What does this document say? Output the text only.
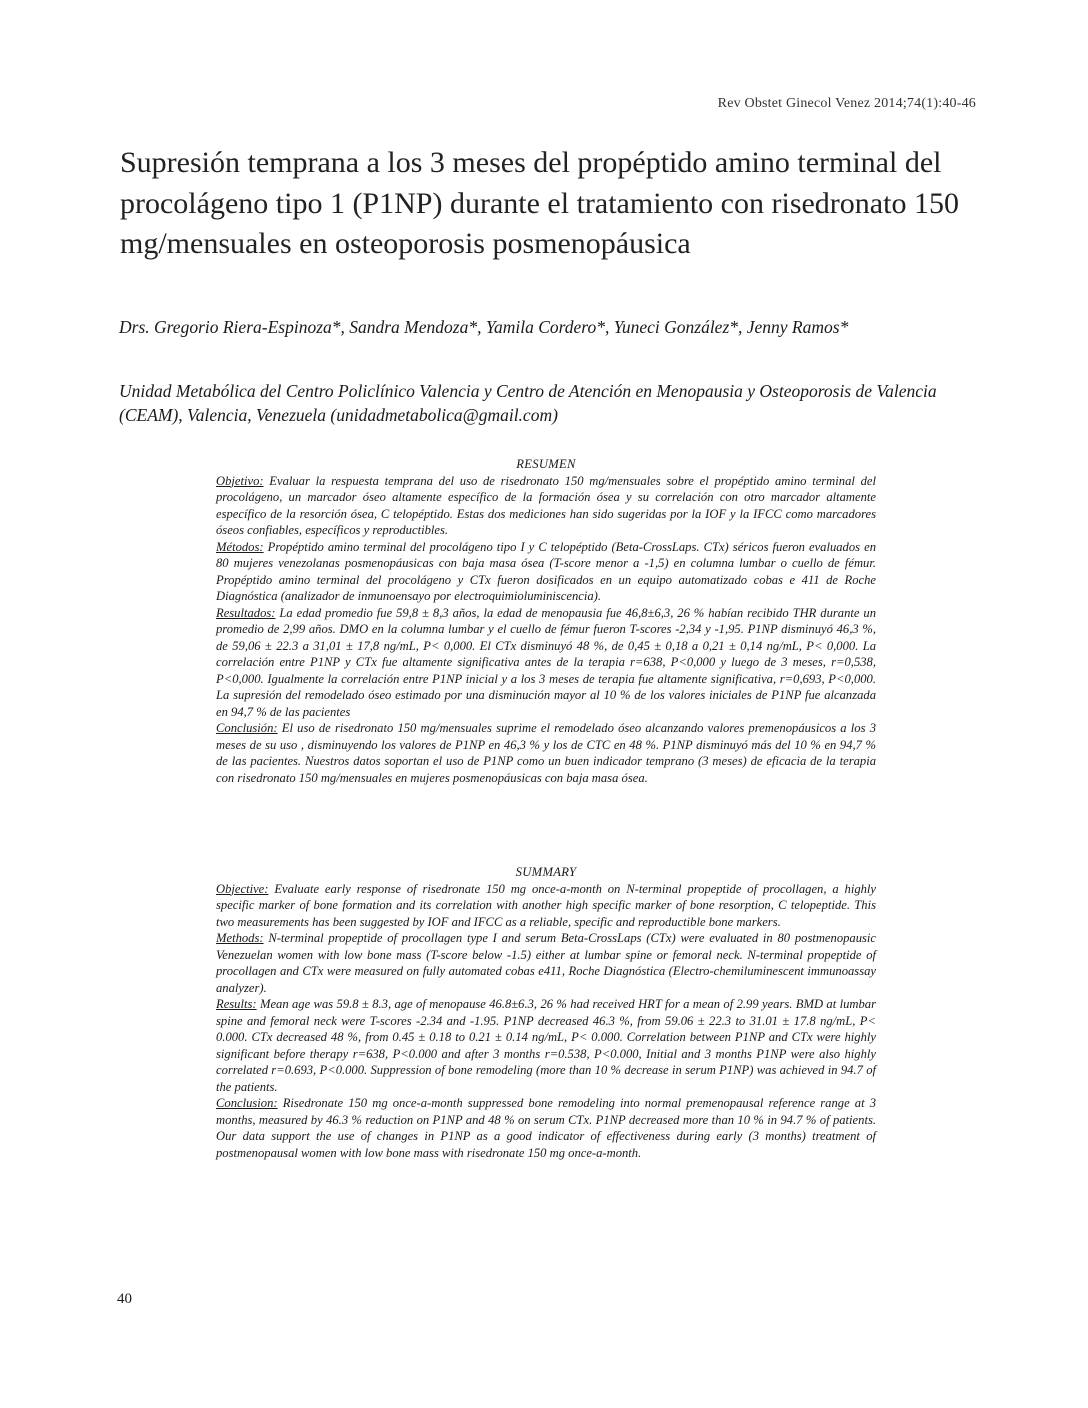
Rev Obstet Ginecol Venez 2014;74(1):40-46
Supresión temprana a los 3 meses del propéptido amino terminal del procolágeno tipo 1 (P1NP) durante el tratamiento con risedronato 150 mg/mensuales en osteoporosis posmenopáusica

Drs. Gregorio Riera-Espinoza*, Sandra Mendoza*, Yamila Cordero*, Yuneci González*, Jenny Ramos*

Unidad Metabólica del Centro Policlínico Valencia y Centro de Atención en Menopausia y Osteoporosis de Valencia (CEAM), Valencia, Venezuela (unidadmetabolica@gmail.com)

RESUMEN

Objetivo: Evaluar la respuesta temprana del uso de risedronato 150 mg/mensuales sobre el propéptido amino terminal del procolágeno, un marcador óseo altamente específico de la formación ósea y su correlación con otro marcador altamente específico de la resorción ósea, C telopéptido. Estas dos mediciones han sido sugeridas por la IOF y la IFCC como marcadores óseos confiables, específicos y reproductibles.

Métodos: Propéptido amino terminal del procolágeno tipo I y C telopéptido (Beta-CrossLaps. CTx) séricos fueron evaluados en 80 mujeres venezolanas posmenopáusicas con baja masa ósea (T-score menor a -1,5) en columna lumbar o cuello de fémur. Propéptido amino terminal del procolágeno y CTx fueron dosificados en un equipo automatizado cobas e 411 de Roche Diagnóstica (analizador de inmunoensayo por electroquimioluminiscencia).

Resultados: La edad promedio fue 59,8 ± 8,3 años, la edad de menopausia fue 46,8±6,3, 26 % habían recibido THR durante un promedio de 2,99 años. DMO en la columna lumbar y el cuello de fémur fueron T-scores -2,34 y -1,95. P1NP disminuyó 46,3 %, de 59,06 ± 22.3 a 31,01 ± 17,8 ng/mL, P< 0,000. El CTx disminuyó 48 %, de 0,45 ± 0,18 a 0,21 ± 0,14 ng/mL, P< 0,000. La correlación entre P1NP y CTx fue altamente significativa antes de la terapia r=638, P<0,000 y luego de 3 meses, r=0,538, P<0,000. Igualmente la correlación entre P1NP inicial y a los 3 meses de terapia fue altamente significativa, r=0,693, P<0,000. La supresión del remodelado óseo estimado por una disminución mayor al 10 % de los valores iniciales de P1NP fue alcanzada en 94,7 % de las pacientes

Conclusión: El uso de risedronato 150 mg/mensuales suprime el remodelado óseo alcanzando valores premenopáusicos a los 3 meses de su uso , disminuyendo los valores de P1NP en 46,3 % y los de CTC en 48 %. P1NP disminuyó más del 10 % en 94,7 % de las pacientes. Nuestros datos soportan el uso de P1NP como un buen indicador temprano (3 meses) de eficacia de la terapia con risedronato 150 mg/mensuales en mujeres posmenopáusicas con baja masa ósea.

SUMMARY

Objective: Evaluate early response of risedronate 150 mg once-a-month on N-terminal propeptide of procollagen, a highly specific marker of bone formation and its correlation with another high specific marker of bone resorption, C telopeptide. This two measurements has been suggested by IOF and IFCC as a reliable, specific and reproductible bone markers.

Methods: N-terminal propeptide of procollagen type I and serum Beta-CrossLaps (CTx) were evaluated in 80 postmenopausic Venezuelan women with low bone mass (T-score below -1.5) either at lumbar spine or femoral neck. N-terminal propeptide of procollagen and CTx were measured on fully automated cobas e411, Roche Diagnóstica (Electro-chemiluminescent immunoassay analyzer).

Results: Mean age was 59.8 ± 8.3, age of menopause 46.8±6.3, 26 % had received HRT for a mean of 2.99 years. BMD at lumbar spine and femoral neck were T-scores -2.34 and -1.95. P1NP decreased 46.3 %, from 59.06 ± 22.3 to 31.01 ± 17.8 ng/mL, P< 0.000. CTx decreased 48 %, from 0.45 ± 0.18 to 0.21 ± 0.14 ng/mL, P< 0.000. Correlation between P1NP and CTx were highly significant before therapy r=638, P<0.000 and after 3 months r=0.538, P<0.000, Initial and 3 months P1NP were also highly correlated r=0.693, P<0.000. Suppression of bone remodeling (more than 10 % decrease in serum P1NP) was achieved in 94.7 of the patients.

Conclusion: Risedronate 150 mg once-a-month suppressed bone remodeling into normal premenopausal reference range at 3 months, measured by 46.3 % reduction on P1NP and 48 % on serum CTx. P1NP decreased more than 10 % in 94.7 % of patients. Our data support the use of changes in P1NP as a good indicator of effectiveness during early (3 months) treatment of postmenopausal women with low bone mass with risedronate 150 mg once-a-month.

40
